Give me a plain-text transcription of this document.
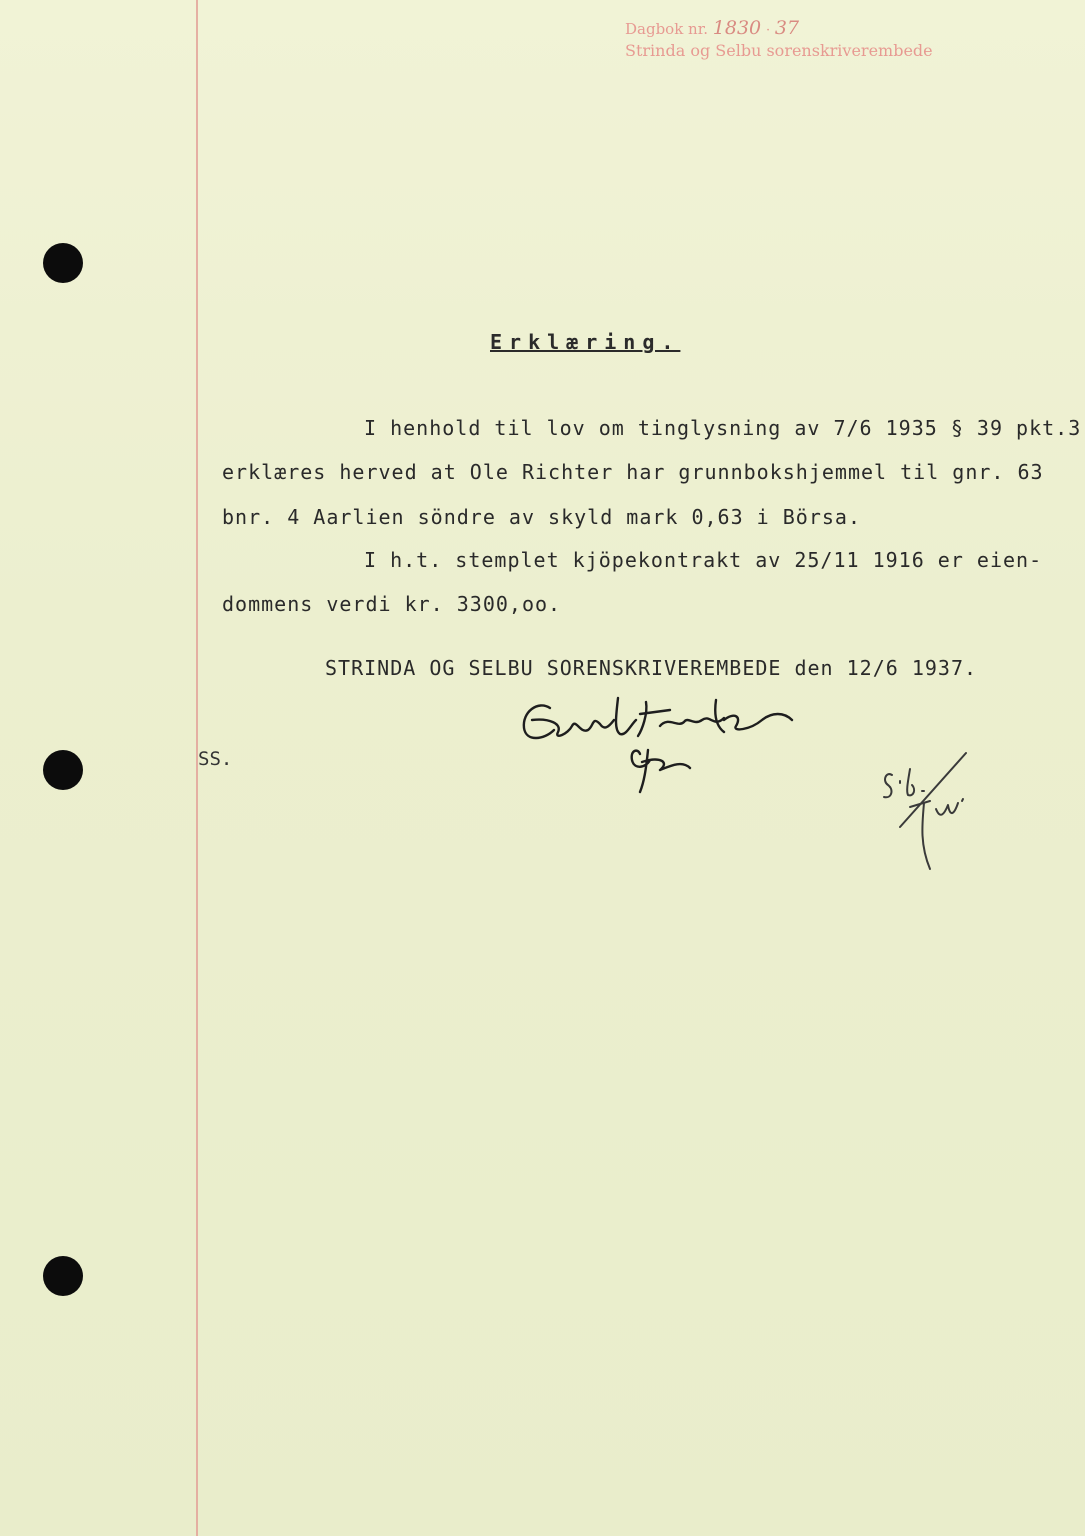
Dagbok nr. 1830 · 37
Strinda og Selbu sorenskriverembede
Erklæring.
I henhold til lov om tinglysning av 7/6 1935 § 39 pkt.3
erklæres herved at Ole Richter har grunnbokshjemmel til gnr. 63
bnr. 4 Aarlien söndre av skyld mark 0,63 i Börsa.
I h.t. stemplet kjöpekontrakt av 25/11 1916 er eien-
dommens verdi kr. 3300,oo.
STRINDA OG SELBU SORENSKRIVEREMBEDE den 12/6 1937.
SS.
